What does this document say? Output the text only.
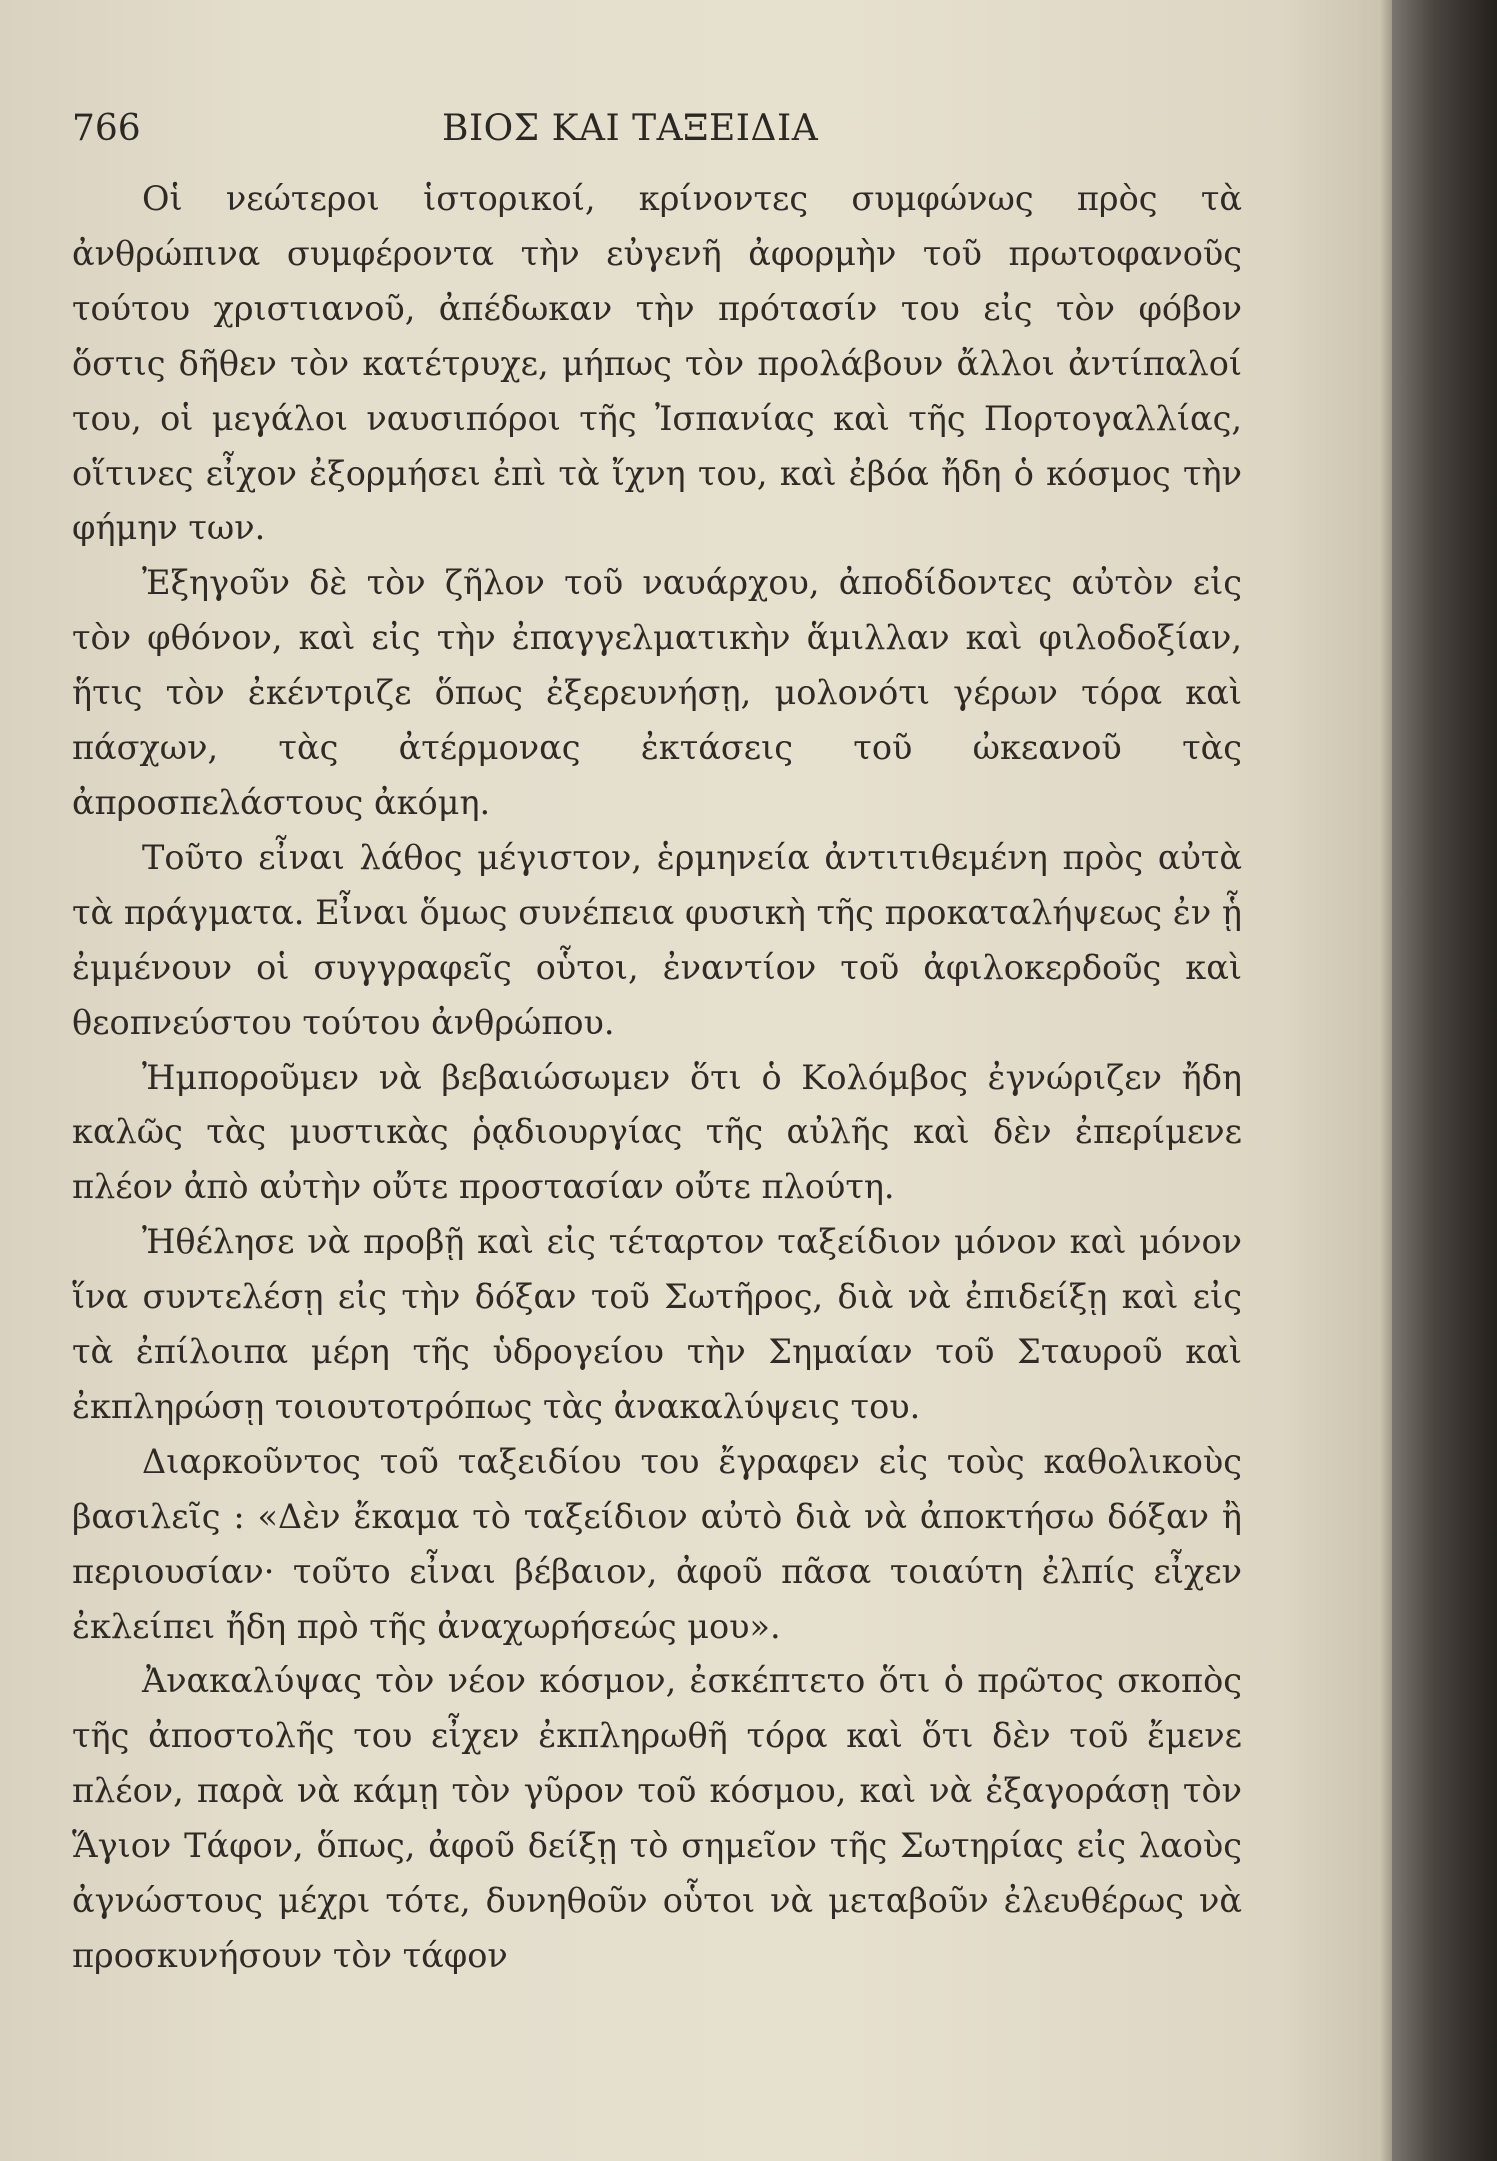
766	ΒΙΟΣ ΚΑΙ ΤΑΞΕΙΔΙΑ

Οἱ νεώτεροι ἱστορικοί, κρίνοντες συμφώνως πρὸς τὰ ἀνθρώπινα συμφέροντα τὴν εὐγενῆ ἀφορμὴν τοῦ πρωτοφανοῦς τούτου χριστιανοῦ, ἀπέδωκαν τὴν πρότασίν του εἰς τὸν φόβον ὅστις δῆθεν τὸν κατέτρυχε, μήπως τὸν προλάβουν ἄλλοι ἀντίπαλοί του, οἱ μεγάλοι ναυσιπόροι τῆς Ἰσπανίας καὶ τῆς Πορτογαλλίας, οἵτινες εἶχον ἐξορμήσει ἐπὶ τὰ ἴχνη του, καὶ ἐβόα ἤδη ὁ κόσμος τὴν φήμην των.

Ἐξηγοῦν δὲ τὸν ζῆλον τοῦ ναυάρχου, ἀποδίδοντες αὐτὸν εἰς τὸν φθόνον, καὶ εἰς τὴν ἐπαγγελματικὴν ἅμιλλαν καὶ φιλοδοξίαν, ἥτις τὸν ἐκέντριζε ὅπως ἐξερευνήσῃ, μολονότι γέρων τόρα καὶ πάσχων, τὰς ἀτέρμονας ἐκτάσεις τοῦ ὠκεανοῦ τὰς ἀπροσπελάστους ἀκόμη.

Τοῦτο εἶναι λάθος μέγιστον, ἑρμηνεία ἀντιτιθεμένη πρὸς αὐτὰ τὰ πράγματα. Εἶναι ὅμως συνέπεια φυσικὴ τῆς προκαταλήψεως ἐν ᾗ ἐμμένουν οἱ συγγραφεῖς οὗτοι, ἐναντίον τοῦ ἀφιλοκερδοῦς καὶ θεοπνεύστου τούτου ἀνθρώπου.

Ἠμποροῦμεν νὰ βεβαιώσωμεν ὅτι ὁ Κολόμβος ἐγνώριζεν ἤδη καλῶς τὰς μυστικὰς ῥᾳδιουργίας τῆς αὐλῆς καὶ δὲν ἐπερίμενε πλέον ἀπὸ αὐτὴν οὔτε προστασίαν οὔτε πλούτη.

Ἠθέλησε νὰ προβῇ καὶ εἰς τέταρτον ταξείδιον μόνον καὶ μόνον ἵνα συντελέσῃ εἰς τὴν δόξαν τοῦ Σωτῆρος, διὰ νὰ ἐπιδείξῃ καὶ εἰς τὰ ἐπίλοιπα μέρη τῆς ὑδρογείου τὴν Σημαίαν τοῦ Σταυροῦ καὶ ἐκπληρώσῃ τοιουτοτρόπως τὰς ἀνακαλύψεις του.

Διαρκοῦντος τοῦ ταξειδίου του ἔγραφεν εἰς τοὺς καθολικοὺς βασιλεῖς : «Δὲν ἔκαμα τὸ ταξείδιον αὐτὸ διὰ νὰ ἀποκτήσω δόξαν ἢ περιουσίαν· τοῦτο εἶναι βέβαιον, ἀφοῦ πᾶσα τοιαύτη ἐλπίς εἶχεν ἐκλείπει ἤδη πρὸ τῆς ἀναχωρήσεώς μου».

Ἀνακαλύψας τὸν νέον κόσμον, ἐσκέπτετο ὅτι ὁ πρῶτος σκοπὸς τῆς ἀποστολῆς του εἶχεν ἐκπληρωθῆ τόρα καὶ ὅτι δὲν τοῦ ἔμενε πλέον, παρὰ νὰ κάμῃ τὸν γῦρον τοῦ κόσμου, καὶ νὰ ἐξαγοράσῃ τὸν Ἅγιον Τάφον, ὅπως, ἀφοῦ δείξῃ τὸ σημεῖον τῆς Σωτηρίας εἰς λαοὺς ἀγνώστους μέχρι τότε, δυνηθοῦν οὗτοι νὰ μεταβοῦν ἐλευθέρως νὰ προσκυνήσουν τὸν τάφον
